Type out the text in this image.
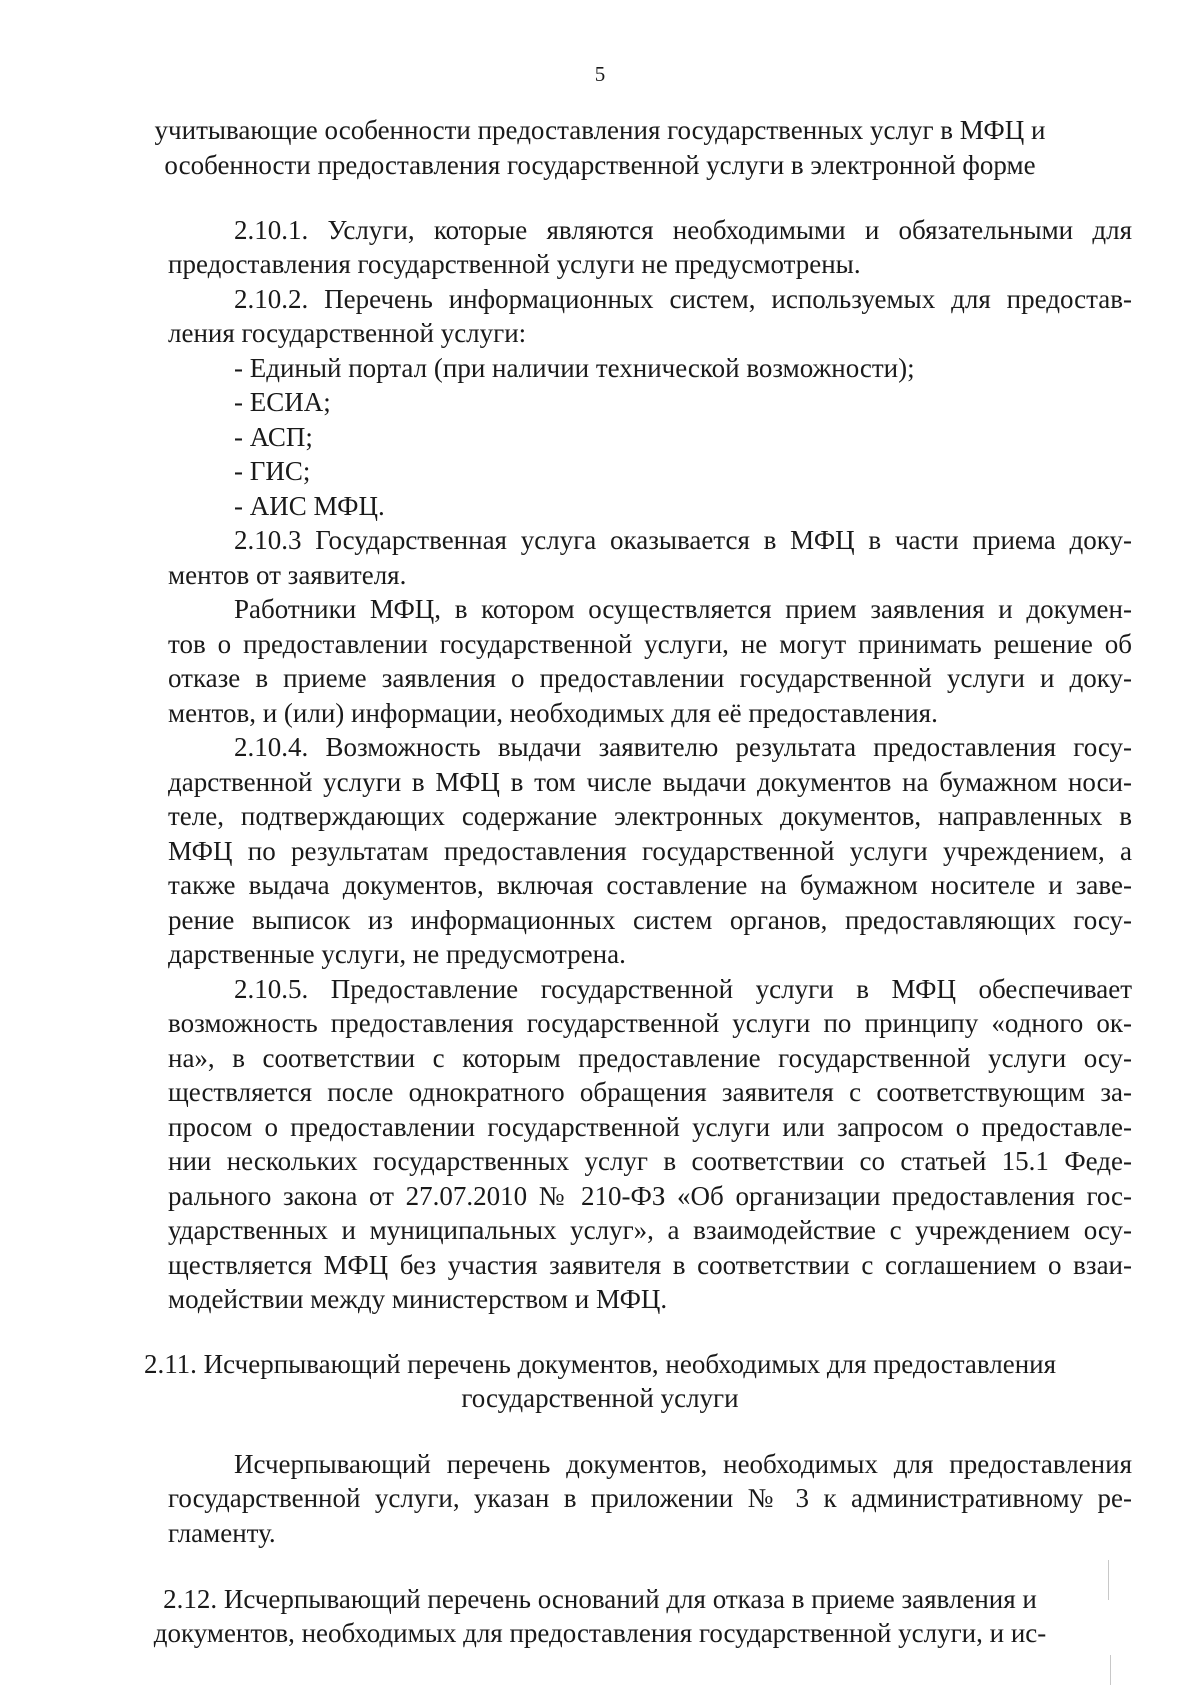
5
учитывающие особенности предоставления государственных услуг в МФЦ и
особенности предоставления государственной услуги в электронной форме
2.10.1. Услуги, которые являются необходимыми и обязательными для
предоставления государственной услуги не предусмотрены.
2.10.2. Перечень информационных систем, используемых для предостав-
ления государственной услуги:
- Единый портал (при наличии технической возможности);
- ЕСИА;
- АСП;
- ГИС;
- АИС МФЦ.
2.10.3 Государственная услуга оказывается в МФЦ в части приема доку-
ментов от заявителя.
Работники МФЦ, в котором осуществляется прием заявления и докумен-
тов о предоставлении государственной услуги, не могут принимать решение об
отказе в приеме заявления о предоставлении государственной услуги и доку-
ментов, и (или) информации, необходимых для её предоставления.
2.10.4. Возможность выдачи заявителю результата предоставления госу-
дарственной услуги в МФЦ в том числе выдачи документов на бумажном носи-
теле, подтверждающих содержание электронных документов, направленных в
МФЦ по результатам предоставления государственной услуги учреждением, а
также выдача документов, включая составление на бумажном носителе и заве-
рение выписок из информационных систем органов, предоставляющих госу-
дарственные услуги, не предусмотрена.
2.10.5. Предоставление государственной услуги в МФЦ обеспечивает
возможность предоставления государственной услуги по принципу «одного ок-
на», в соответствии с которым предоставление государственной услуги осу-
ществляется после однократного обращения заявителя с соответствующим за-
просом о предоставлении государственной услуги или запросом о предоставле-
нии нескольких государственных услуг в соответствии со статьей 15.1 Феде-
рального закона от 27.07.2010 № 210-ФЗ «Об организации предоставления гос-
ударственных и муниципальных услуг», а взаимодействие с учреждением осу-
ществляется МФЦ без участия заявителя в соответствии с соглашением о взаи-
модействии между министерством и МФЦ.
2.11. Исчерпывающий перечень документов, необходимых для предоставления
государственной услуги
Исчерпывающий перечень документов, необходимых для предоставления
государственной услуги, указан в приложении № 3 к административному ре-
гламенту.
2.12. Исчерпывающий перечень оснований для отказа в приеме заявления и
документов, необходимых для предоставления государственной услуги, и ис-
